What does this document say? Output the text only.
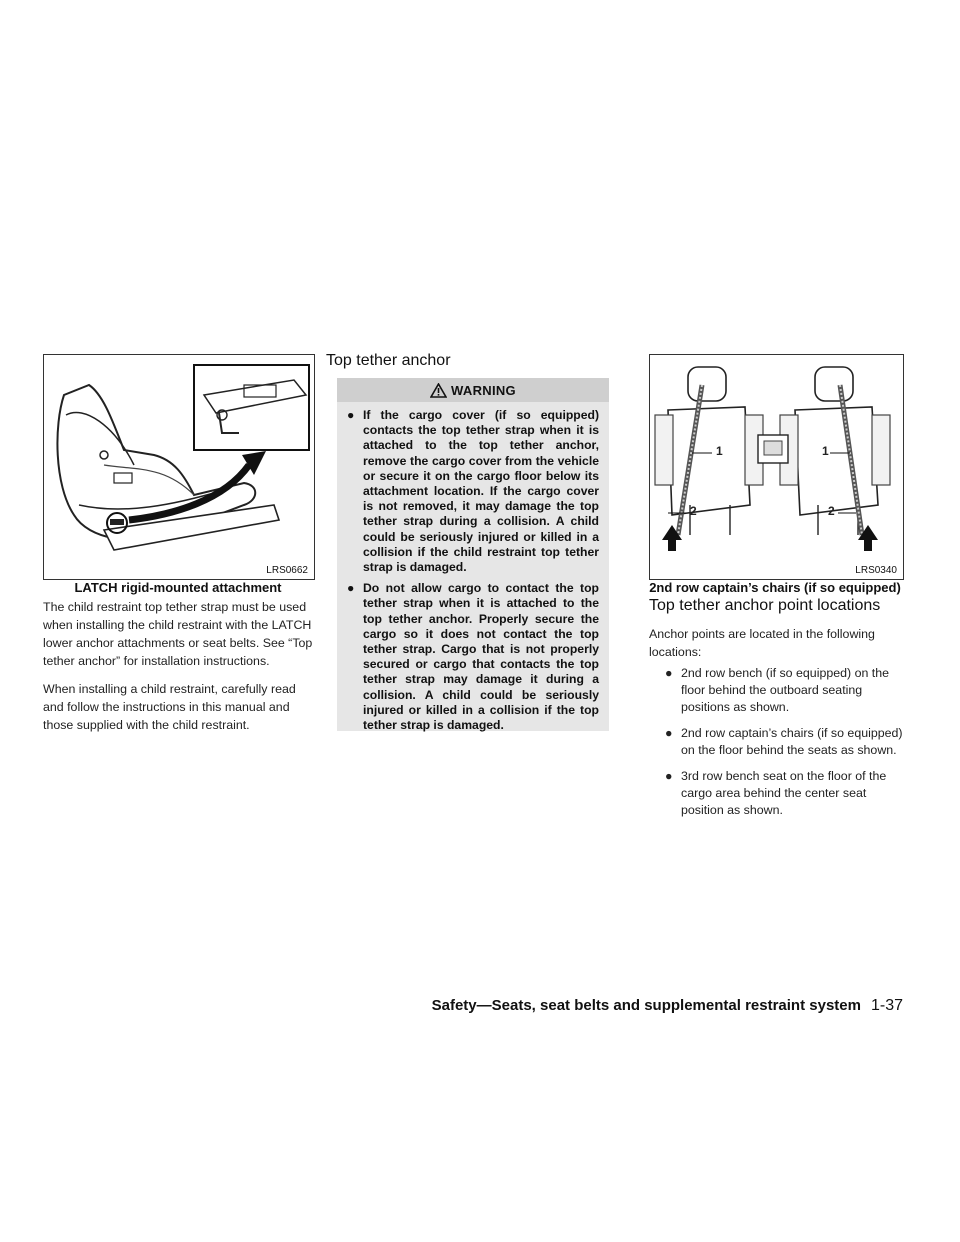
LRS0662
LATCH rigid-mounted attachment

The child restraint top tether strap must be used when installing the child restraint with the LATCH lower anchor attachments or seat belts. See “Top tether anchor” for installation instructions.

When installing a child restraint, carefully read and follow the instructions in this manual and those supplied with the child restraint.

Top tether anchor
WARNING
● If the cargo cover (if so equipped) contacts the top tether strap when it is attached to the top tether anchor, remove the cargo cover from the vehicle or secure it on the cargo floor below its attachment location. If the cargo cover is not removed, it may damage the top tether strap during a collision. A child could be seriously injured or killed in a collision if the child restraint top tether strap is damaged.
● Do not allow cargo to contact the top tether strap when it is attached to the top tether anchor. Properly secure the cargo so it does not contact the top tether strap. Cargo that is not properly secured or cargo that contacts the top tether strap may damage it during a collision. A child could be seriously injured or killed in a collision if the top tether strap is damaged.
1	1
2	2
LRS0340
2nd row captain’s chairs (if so equipped)
Top tether anchor point locations

Anchor points are located in the following locations:

● 2nd row bench (if so equipped) on the floor behind the outboard seating positions as shown.
● 2nd row captain’s chairs (if so equipped) on the floor behind the seats as shown.
● 3rd row bench seat on the floor of the cargo area behind the center seat position as shown.
Safety—Seats, seat belts and supplemental restraint system 1-37
